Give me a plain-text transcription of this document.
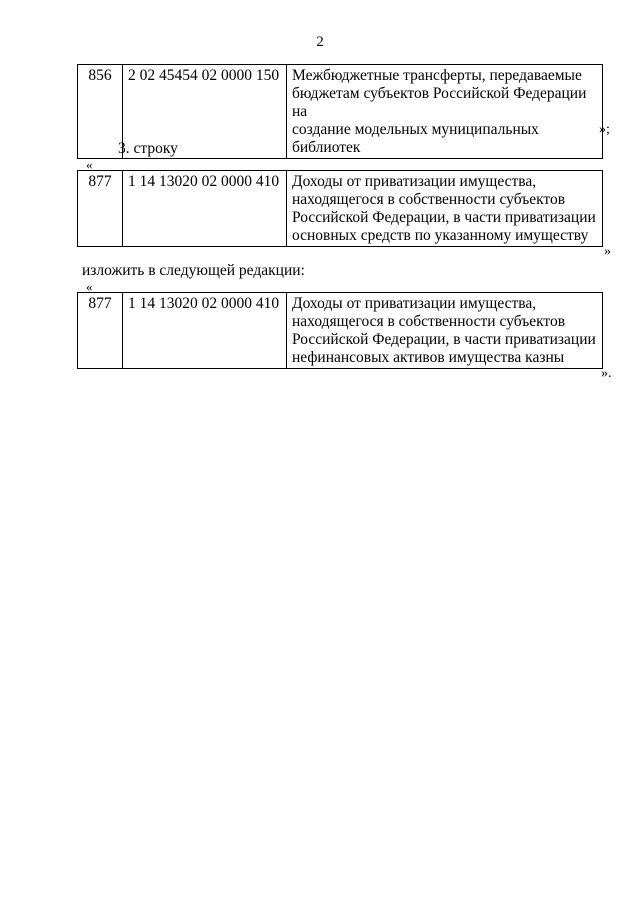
2
856	2 02 45454 02 0000 150	Межбюджетные трансферты, передаваемые
бюджетам субъектов Российской Федерации на
создание модельных муниципальных библиотек
»;
3. строку
«
877	1 14 13020 02 0000 410	Доходы от приватизации имущества,
находящегося в собственности субъектов
Российской Федерации, в части приватизации
основных средств по указанному имуществу
»
изложить в следующей редакции:
«
877	1 14 13020 02 0000 410	Доходы от приватизации имущества,
находящегося в собственности субъектов
Российской Федерации, в части приватизации
нефинансовых активов имущества казны
».
